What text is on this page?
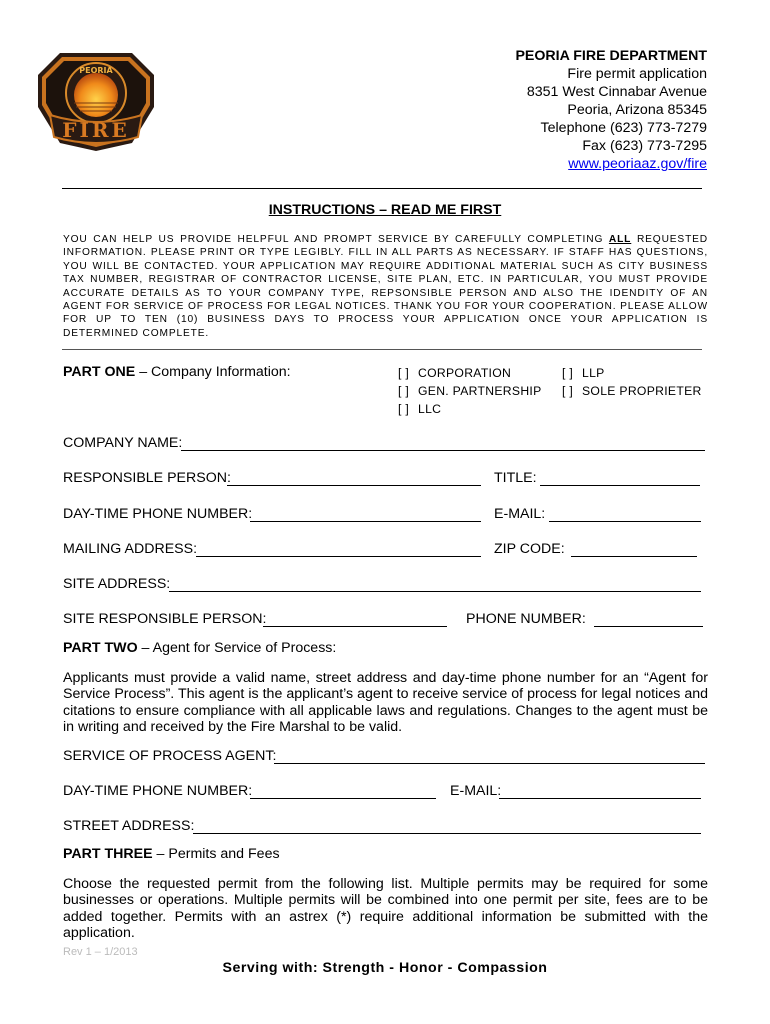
PEORIA
FIRE
PEORIA FIRE DEPARTMENT
Fire permit application
8351 West Cinnabar Avenue
Peoria, Arizona 85345
Telephone (623) 773-7279
Fax (623) 773-7295
www.peoriaaz.gov/fire
INSTRUCTIONS – READ ME FIRST
YOU CAN HELP US PROVIDE HELPFUL AND PROMPT SERVICE BY CAREFULLY COMPLETING ALL REQUESTED INFORMATION. PLEASE PRINT OR TYPE LEGIBLY. FILL IN ALL PARTS AS NECESSARY. IF STAFF HAS QUESTIONS, YOU WILL BE CONTACTED. YOUR APPLICATION MAY REQUIRE ADDITIONAL MATERIAL SUCH AS CITY BUSINESS TAX NUMBER, REGISTRAR OF CONTRACTOR LICENSE, SITE PLAN, ETC. IN PARTICULAR, YOU MUST PROVIDE ACCURATE DETAILS AS TO YOUR COMPANY TYPE, REPSONSIBLE PERSON AND ALSO THE IDENDITY OF AN AGENT FOR SERVICE OF PROCESS FOR LEGAL NOTICES. THANK YOU FOR YOUR COOPERATION. PLEASE ALLOW FOR UP TO TEN (10) BUSINESS DAYS TO PROCESS YOUR APPLICATION ONCE YOUR APPLICATION IS DETERMINED COMPLETE.
PART ONE – Company Information:	[ ] CORPORATION
[ ] GEN. PARTNERSHIP
[ ] LLC
[ ] LLP
[ ] SOLE PROPRIETER
COMPANY NAME:
RESPONSIBLE PERSON:	TITLE:
DAY-TIME PHONE NUMBER:	E-MAIL:
MAILING ADDRESS:	ZIP CODE:
SITE ADDRESS:
SITE RESPONSIBLE PERSON:	PHONE NUMBER:
PART TWO – Agent for Service of Process:
Applicants must provide a valid name, street address and day-time phone number for an “Agent for Service Process”. This agent is the applicant’s agent to receive service of process for legal notices and citations to ensure compliance with all applicable laws and regulations. Changes to the agent must be in writing and received by the Fire Marshal to be valid.
SERVICE OF PROCESS AGENT:
DAY-TIME PHONE NUMBER:	E-MAIL:
STREET ADDRESS:
PART THREE – Permits and Fees
Choose the requested permit from the following list. Multiple permits may be required for some businesses or operations. Multiple permits will be combined into one permit per site, fees are to be added together. Permits with an astrex (*) require additional information be submitted with the application.
Rev 1 – 1/2013
Serving with: Strength - Honor - Compassion
